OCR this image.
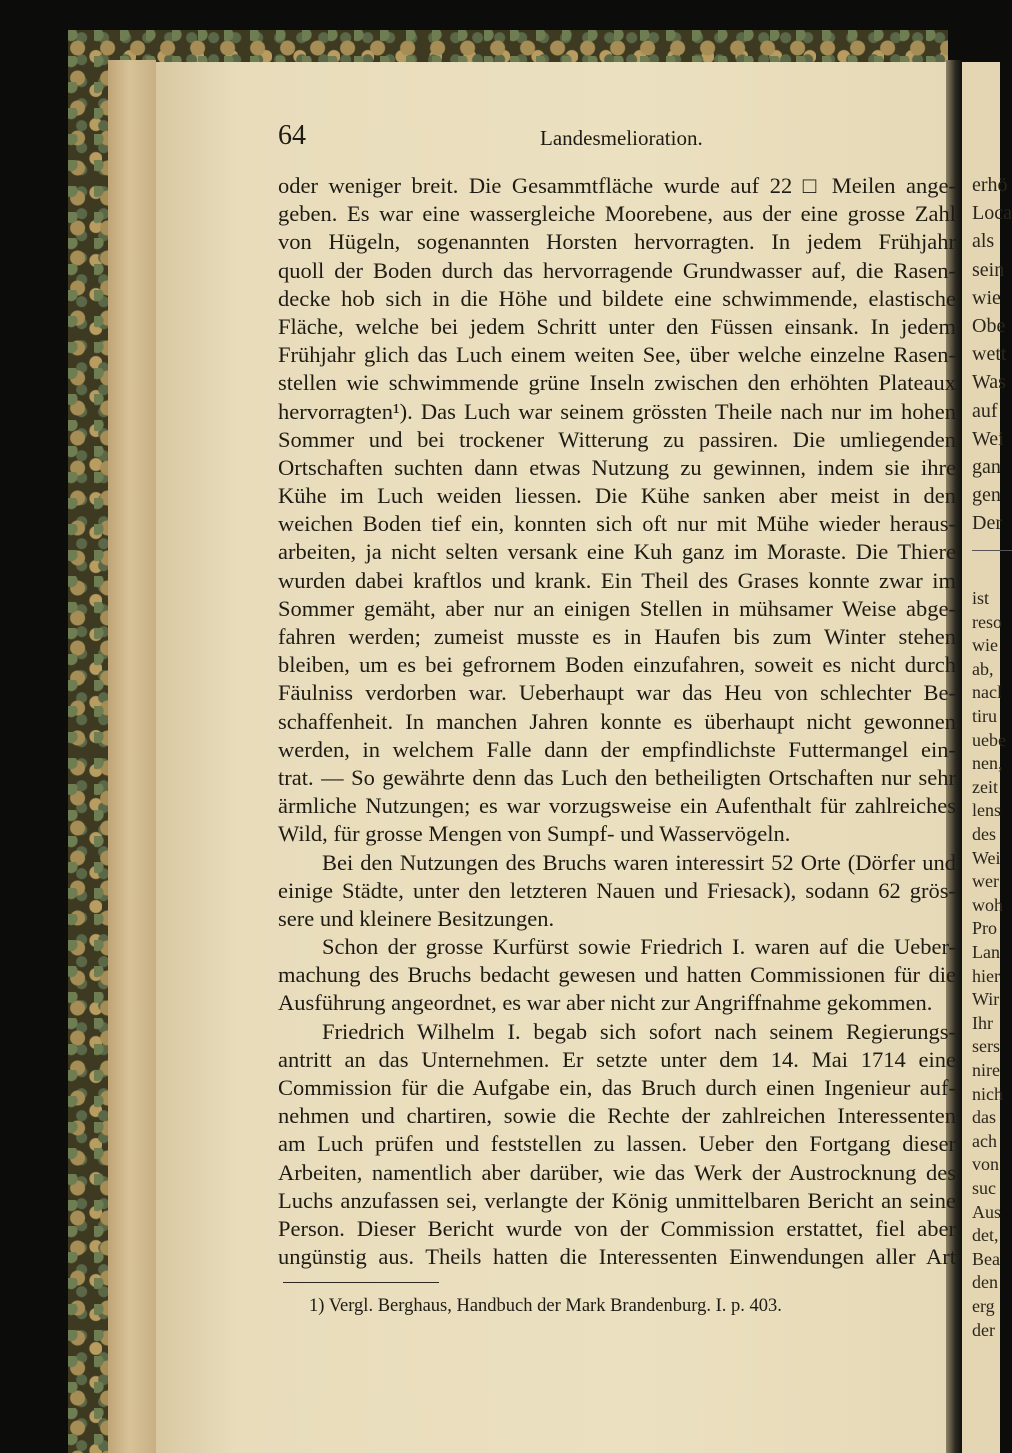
erhö
Loca
als
sein
wie
Obe
wett
Was
auf
Wei
gan
gen
Der
ist
reso
wie
ab,
nacl
tiru
uebe
nen,
zeit
lens
des
Wei
wer
woh
Pro
Lan
hier
Wir
Ihr
sers
nire
nich
das
ach
von
suc
Aus
det,
Bea
den
erg
der
64	Landesmelioration.
oder weniger breit. Die Gesammtfläche wurde auf 22 □ Meilen ange-
geben. Es war eine wassergleiche Moorebene, aus der eine grosse Zahl
von Hügeln, sogenannten Horsten hervorragten. In jedem Frühjahr
quoll der Boden durch das hervorragende Grundwasser auf, die Rasen-
decke hob sich in die Höhe und bildete eine schwimmende, elastische
Fläche, welche bei jedem Schritt unter den Füssen einsank. In jedem
Frühjahr glich das Luch einem weiten See, über welche einzelne Rasen-
stellen wie schwimmende grüne Inseln zwischen den erhöhten Plateaux
hervorragten¹). Das Luch war seinem grössten Theile nach nur im hohen
Sommer und bei trockener Witterung zu passiren. Die umliegenden
Ortschaften suchten dann etwas Nutzung zu gewinnen, indem sie ihre
Kühe im Luch weiden liessen. Die Kühe sanken aber meist in den
weichen Boden tief ein, konnten sich oft nur mit Mühe wieder heraus-
arbeiten, ja nicht selten versank eine Kuh ganz im Moraste. Die Thiere
wurden dabei kraftlos und krank. Ein Theil des Grases konnte zwar im
Sommer gemäht, aber nur an einigen Stellen in mühsamer Weise abge-
fahren werden; zumeist musste es in Haufen bis zum Winter stehen
bleiben, um es bei gefrornem Boden einzufahren, soweit es nicht durch
Fäulniss verdorben war. Ueberhaupt war das Heu von schlechter Be-
schaffenheit. In manchen Jahren konnte es überhaupt nicht gewonnen
werden, in welchem Falle dann der empfindlichste Futtermangel ein-
trat. — So gewährte denn das Luch den betheiligten Ortschaften nur sehr
ärmliche Nutzungen; es war vorzugsweise ein Aufenthalt für zahlreiches
Wild, für grosse Mengen von Sumpf- und Wasservögeln.
Bei den Nutzungen des Bruchs waren interessirt 52 Orte (Dörfer und
einige Städte, unter den letzteren Nauen und Friesack), sodann 62 grös-
sere und kleinere Besitzungen.
Schon der grosse Kurfürst sowie Friedrich I. waren auf die Ueber-
machung des Bruchs bedacht gewesen und hatten Commissionen für die
Ausführung angeordnet, es war aber nicht zur Angriffnahme gekommen.
Friedrich Wilhelm I. begab sich sofort nach seinem Regierungs-
antritt an das Unternehmen. Er setzte unter dem 14. Mai 1714 eine
Commission für die Aufgabe ein, das Bruch durch einen Ingenieur auf-
nehmen und chartiren, sowie die Rechte der zahlreichen Interessenten
am Luch prüfen und feststellen zu lassen. Ueber den Fortgang dieser
Arbeiten, namentlich aber darüber, wie das Werk der Austrocknung des
Luchs anzufassen sei, verlangte der König unmittelbaren Bericht an seine
Person. Dieser Bericht wurde von der Commission erstattet, fiel aber
ungünstig aus. Theils hatten die Interessenten Einwendungen aller Art
1) Vergl. Berghaus, Handbuch der Mark Brandenburg. I. p. 403.
